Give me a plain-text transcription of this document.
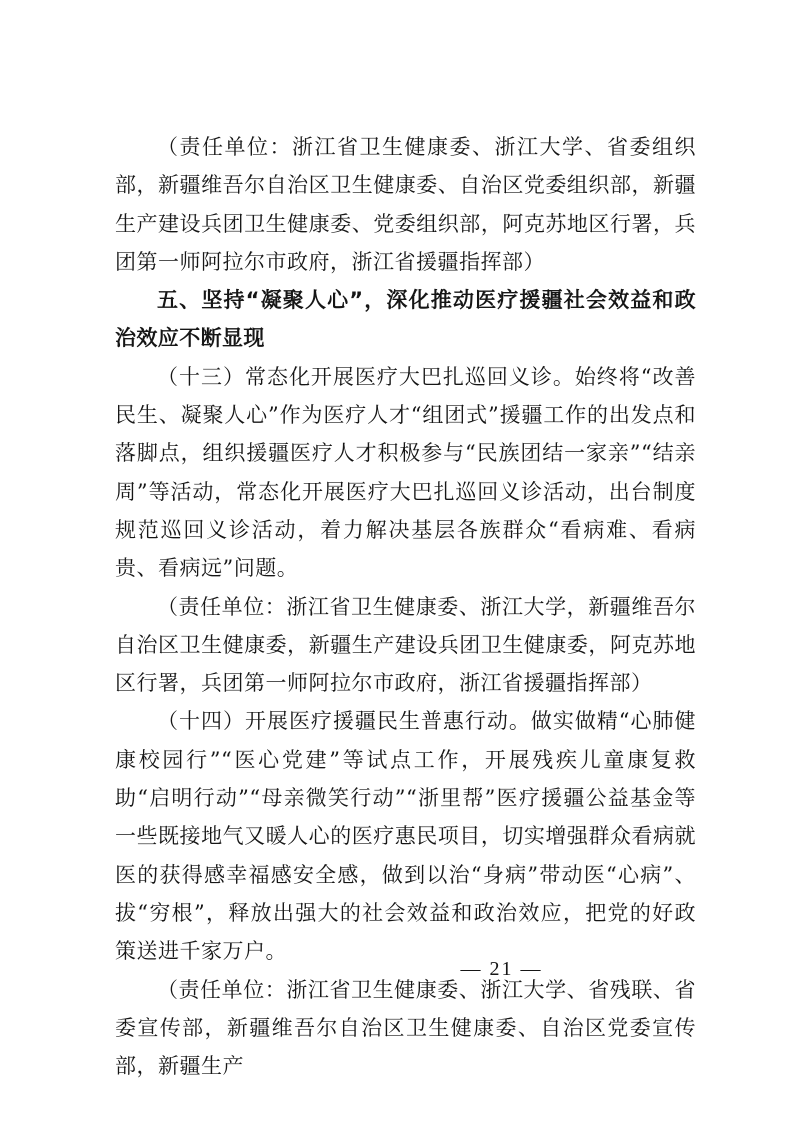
（责任单位：浙江省卫生健康委、浙江大学、省委组织部，新疆维吾尔自治区卫生健康委、自治区党委组织部，新疆生产建设兵团卫生健康委、党委组织部，阿克苏地区行署，兵团第一师阿拉尔市政府，浙江省援疆指挥部）

五、坚持“凝聚人心”，深化推动医疗援疆社会效益和政治效应不断显现

（十三）常态化开展医疗大巴扎巡回义诊。始终将“改善民生、凝聚人心”作为医疗人才“组团式”援疆工作的出发点和落脚点，组织援疆医疗人才积极参与“民族团结一家亲”“结亲周”等活动，常态化开展医疗大巴扎巡回义诊活动，出台制度规范巡回义诊活动，着力解决基层各族群众“看病难、看病贵、看病远”问题。

（责任单位：浙江省卫生健康委、浙江大学，新疆维吾尔自治区卫生健康委，新疆生产建设兵团卫生健康委，阿克苏地区行署，兵团第一师阿拉尔市政府，浙江省援疆指挥部）

（十四）开展医疗援疆民生普惠行动。做实做精“心肺健康校园行”“医心党建”等试点工作，开展残疾儿童康复救助“启明行动”“母亲微笑行动”“浙里帮”医疗援疆公益基金等一些既接地气又暖人心的医疗惠民项目，切实增强群众看病就医的获得感幸福感安全感，做到以治“身病”带动医“心病”、拔“穷根”，释放出强大的社会效益和政治效应，把党的好政策送进千家万户。

（责任单位：浙江省卫生健康委、浙江大学、省残联、省委宣传部，新疆维吾尔自治区卫生健康委、自治区党委宣传部，新疆生产

— 21 —
